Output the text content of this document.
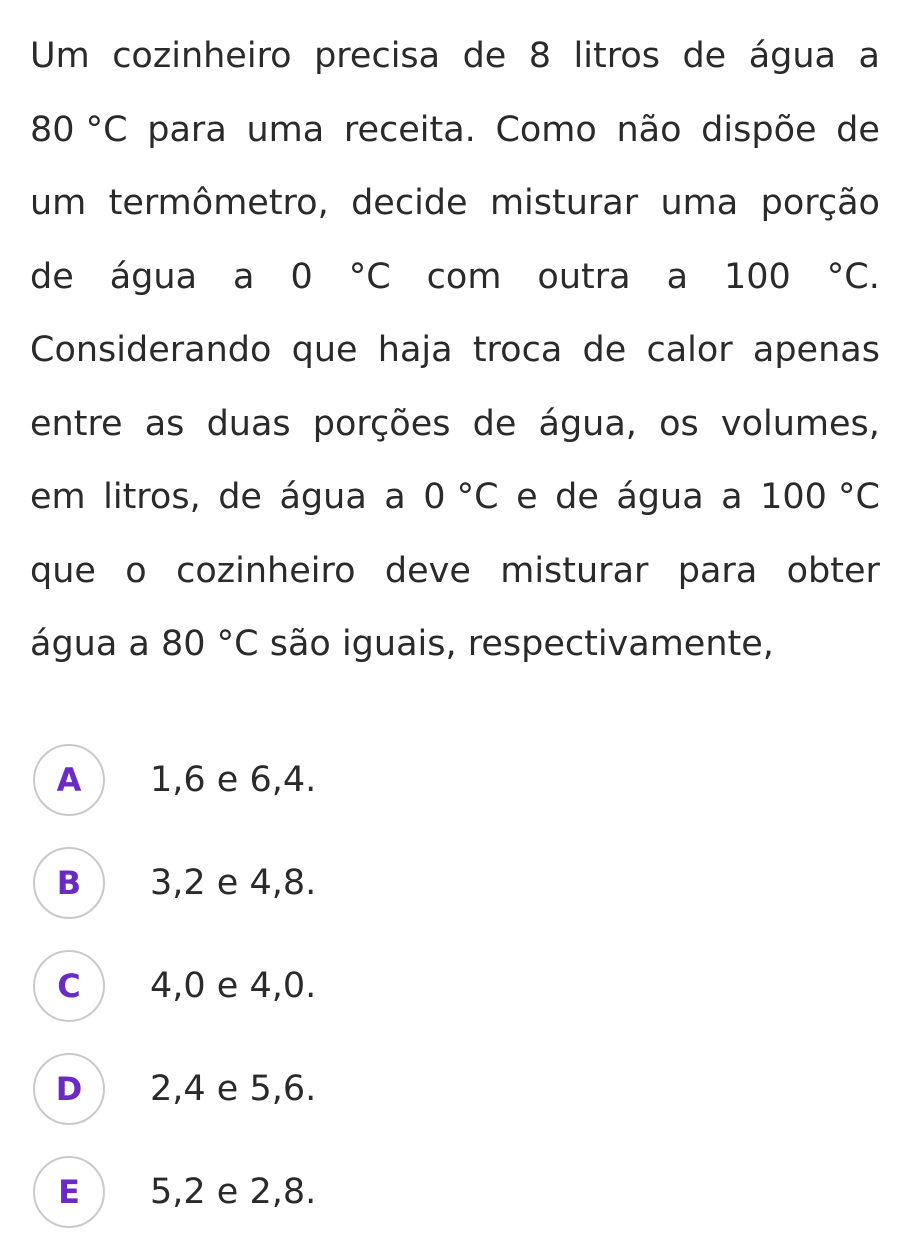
Um cozinheiro precisa de 8 litros de água a
80 °C para uma receita. Como não dispõe de
um termômetro, decide misturar uma porção
de água a 0 °C com outra a 100 °C.
Considerando que haja troca de calor apenas
entre as duas porções de água, os volumes,
em litros, de água a 0 °C e de água a 100 °C
que o cozinheiro deve misturar para obter
água a 80 °C são iguais, respectivamente,
A	1,6 e 6,4.
B	3,2 e 4,8.
C	4,0 e 4,0.
D	2,4 e 5,6.
E	5,2 e 2,8.
